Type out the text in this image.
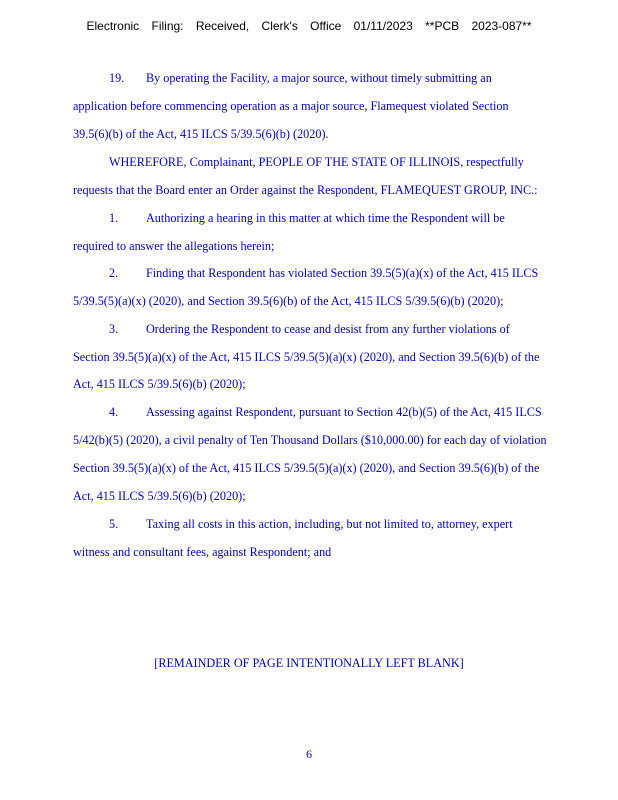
Electronic Filing: Received, Clerk's Office 01/11/2023 **PCB 2023-087**
19. By operating the Facility, a major source, without timely submitting an
application before commencing operation as a major source, Flamequest violated Section
39.5(6)(b) of the Act, 415 ILCS 5/39.5(6)(b) (2020).
WHEREFORE, Complainant, PEOPLE OF THE STATE OF ILLINOIS, respectfully
requests that the Board enter an Order against the Respondent, FLAMEQUEST GROUP, INC.:
1. Authorizing a hearing in this matter at which time the Respondent will be
required to answer the allegations herein;
2. Finding that Respondent has violated Section 39.5(5)(a)(x) of the Act, 415 ILCS
5/39.5(5)(a)(x) (2020), and Section 39.5(6)(b) of the Act, 415 ILCS 5/39.5(6)(b) (2020);
3. Ordering the Respondent to cease and desist from any further violations of
Section 39.5(5)(a)(x) of the Act, 415 ILCS 5/39.5(5)(a)(x) (2020), and Section 39.5(6)(b) of the
Act, 415 ILCS 5/39.5(6)(b) (2020);
4. Assessing against Respondent, pursuant to Section 42(b)(5) of the Act, 415 ILCS
5/42(b)(5) (2020), a civil penalty of Ten Thousand Dollars ($10,000.00) for each day of violation
Section 39.5(5)(a)(x) of the Act, 415 ILCS 5/39.5(5)(a)(x) (2020), and Section 39.5(6)(b) of the
Act, 415 ILCS 5/39.5(6)(b) (2020);
5. Taxing all costs in this action, including, but not limited to, attorney, expert
witness and consultant fees, against Respondent; and
[REMAINDER OF PAGE INTENTIONALLY LEFT BLANK]
6
